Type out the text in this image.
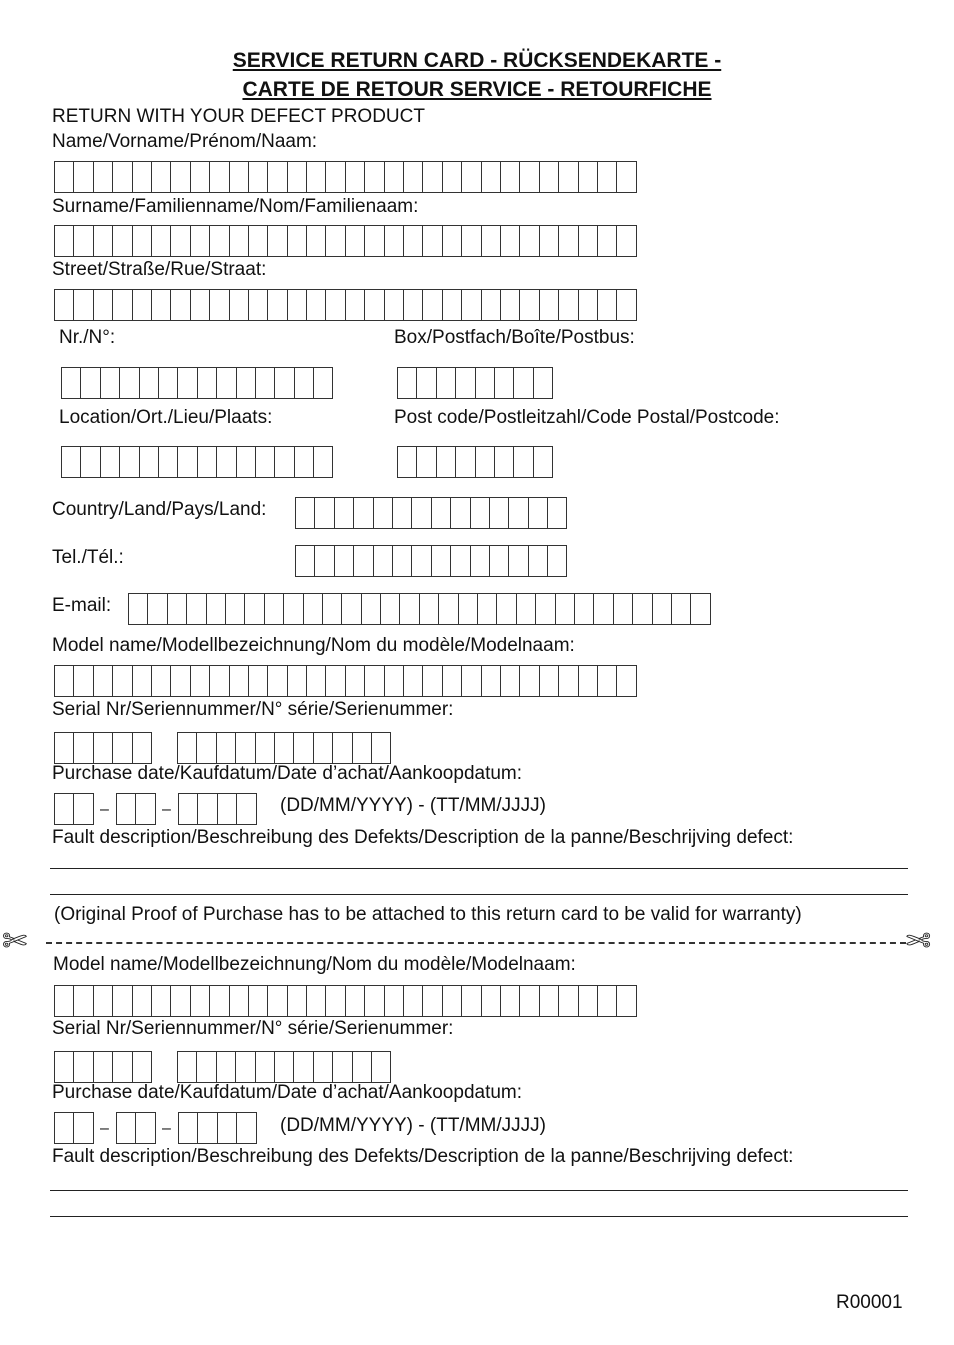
SERVICE RETURN CARD - RÜCKSENDEKARTE -
CARTE DE RETOUR SERVICE - RETOURFICHE
RETURN WITH YOUR DEFECT PRODUCT
Name/Vorname/Prénom/Naam:
Surname/Familienname/Nom/Familienaam:
Street/Straße/Rue/Straat:
Nr./N°:	Box/Postfach/Boîte/Postbus:
Location/Ort./Lieu/Plaats:	Post code/Postleitzahl/Code Postal/Postcode:
Country/Land/Pays/Land:
Tel./Tél.:
E-mail:
Model name/Modellbezeichnung/Nom du modèle/Modelnaam:
Serial Nr/Seriennummer/N° série/Serienummer:
Purchase date/Kaufdatum/Date d’achat/Aankoopdatum:
–	–	(DD/MM/YYYY) - (TT/MM/JJJJ)
Fault description/Beschreibung des Defekts/Description de la panne/Beschrijving defect:
(Original Proof of Purchase has to be attached to this return card to be valid for warranty)
✄	✄
Model name/Modellbezeichnung/Nom du modèle/Modelnaam:
Serial Nr/Seriennummer/N° série/Serienummer:
Purchase date/Kaufdatum/Date d’achat/Aankoopdatum:
–	–	(DD/MM/YYYY) - (TT/MM/JJJJ)
Fault description/Beschreibung des Defekts/Description de la panne/Beschrijving defect:
R00001
